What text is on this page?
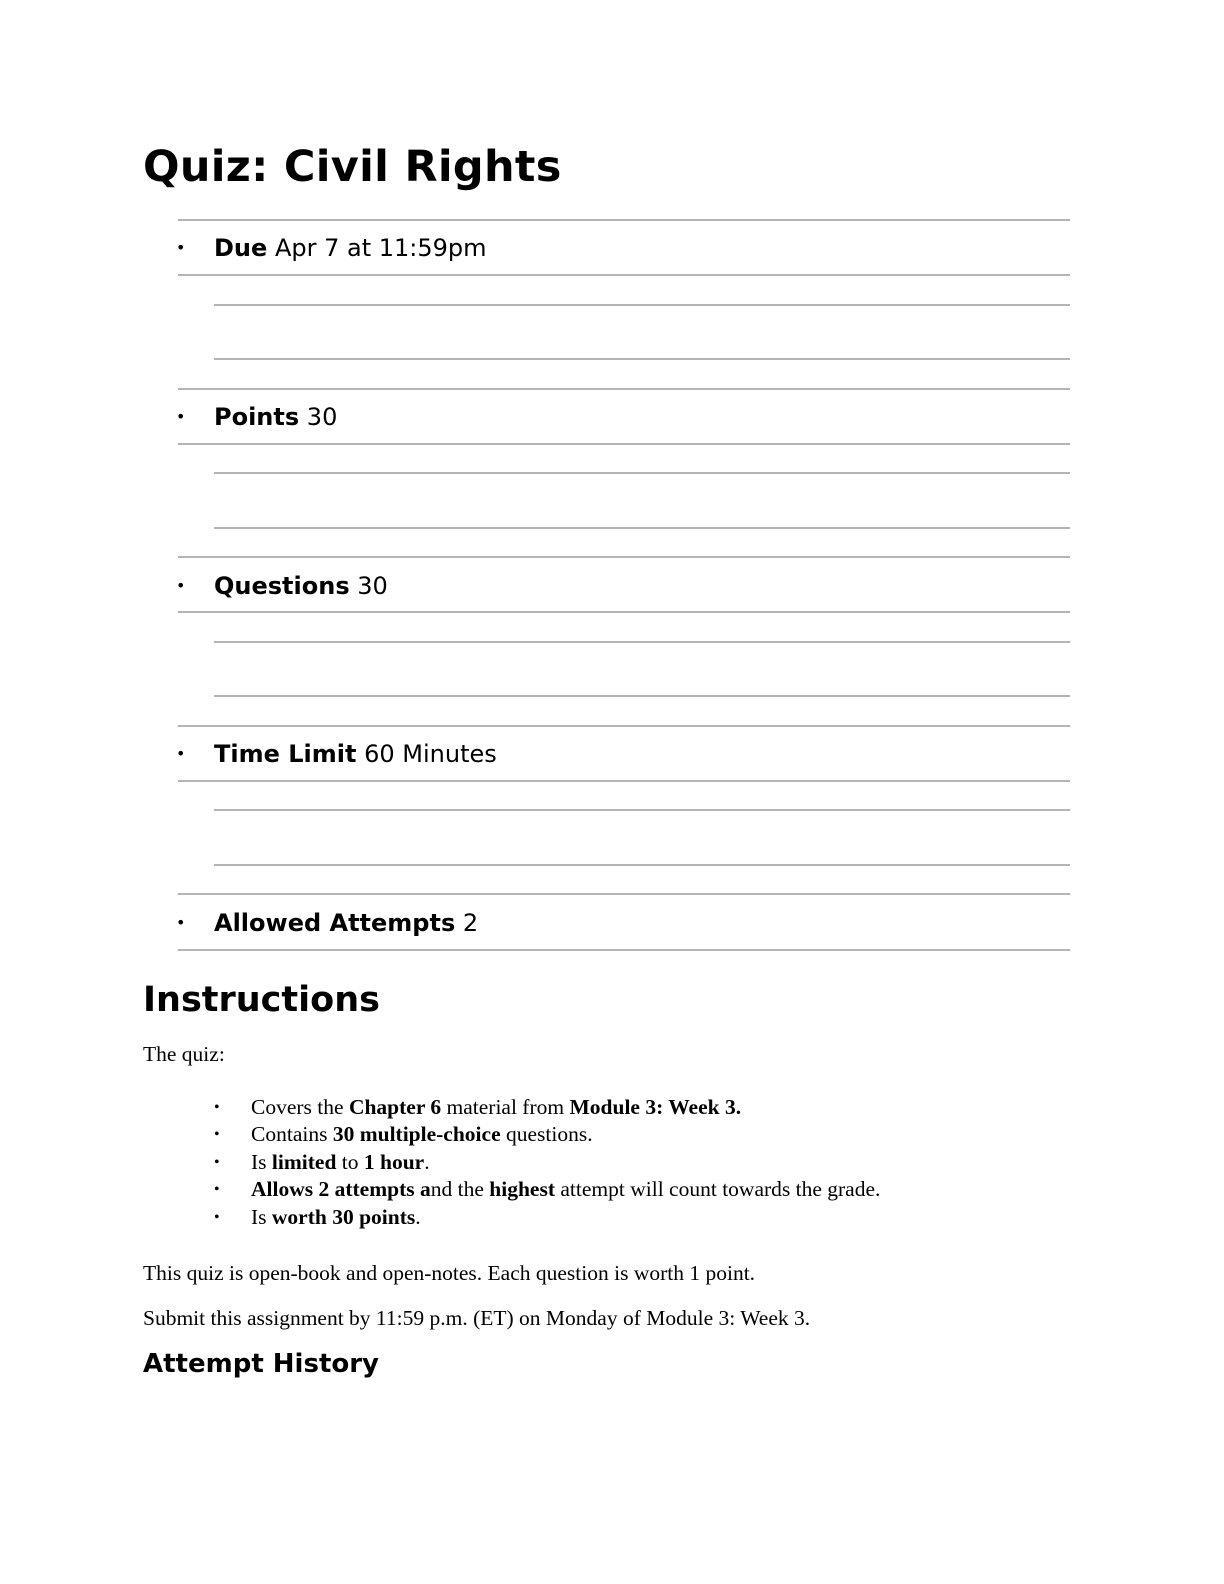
Quiz: Civil Rights
•	Due
Apr 7 at 11:59pm
•	Points
30
•	Questions
30
•	Time Limit
60 Minutes
•	Allowed Attempts
2
Instructions

The quiz:

• Covers the Chapter 6 material from Module 3: Week 3.
• Contains 30 multiple-choice questions.
• Is limited to 1 hour.
• Allows 2 attempts and the highest attempt will count towards the grade.
• Is worth 30 points.

This quiz is open-book and open-notes. Each question is worth 1 point.

Submit this assignment by 11:59 p.m. (ET) on Monday of Module 3: Week 3.

Attempt History
